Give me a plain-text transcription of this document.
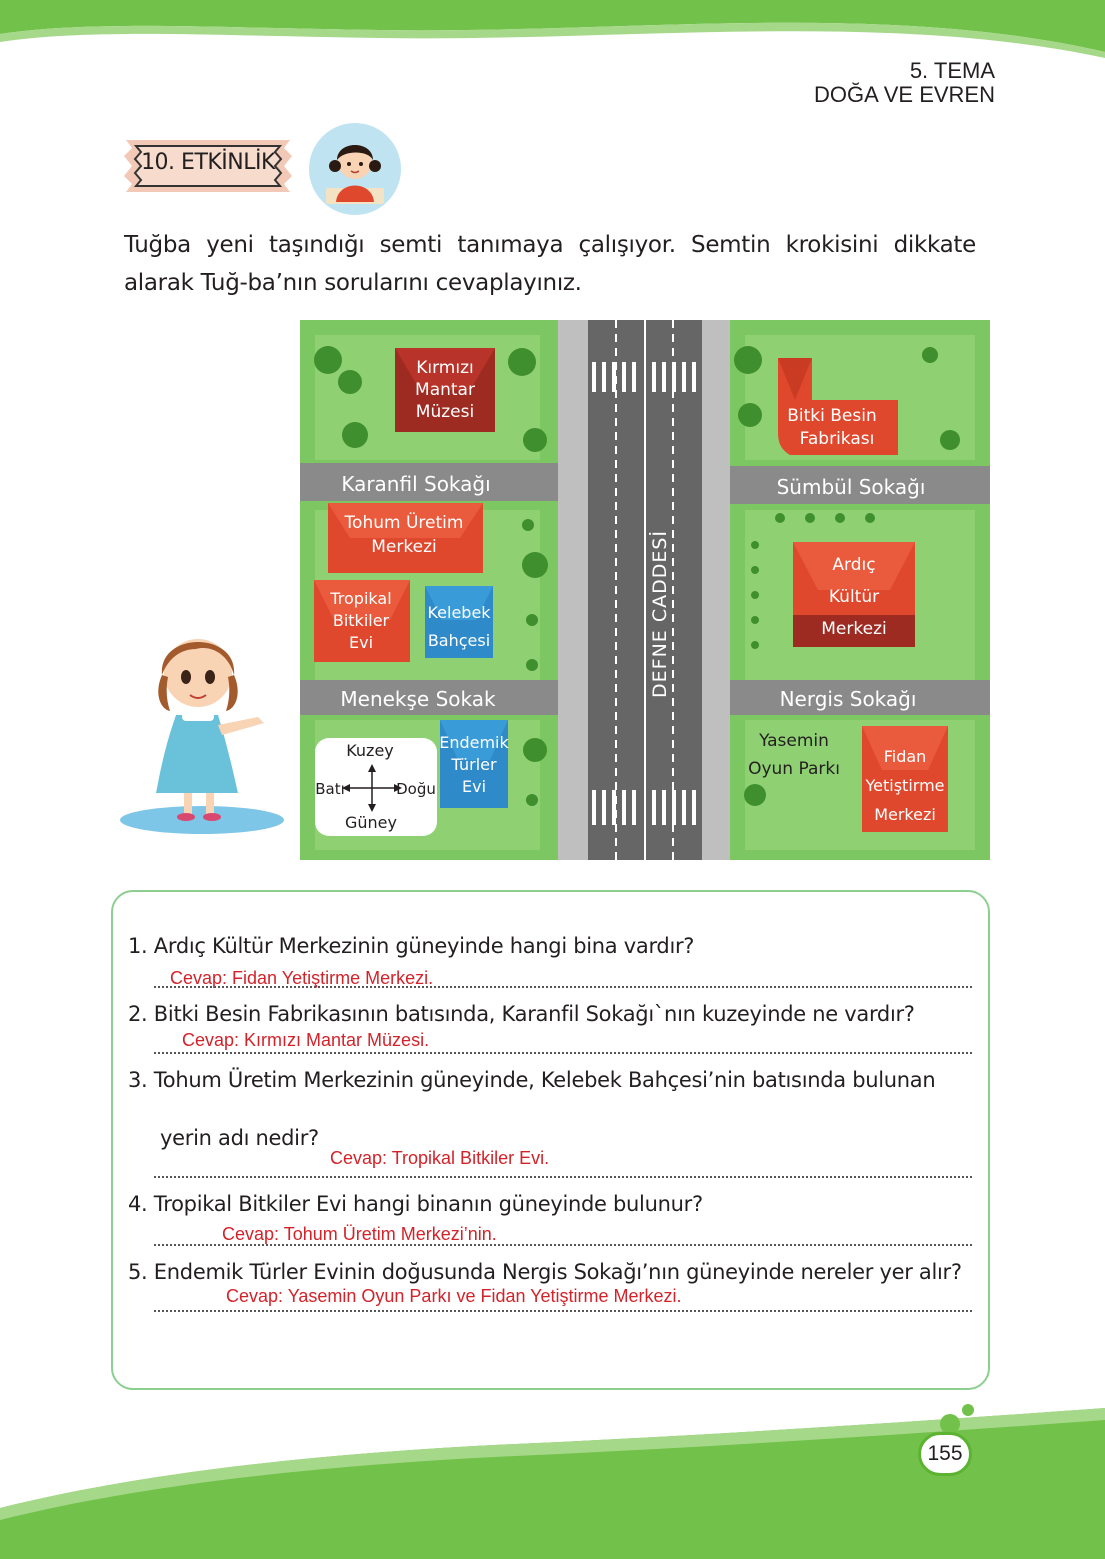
5. TEMA
DOĞA VE EVREN
10. ETKİNLİK
Tuğba yeni taşındığı semti tanımaya çalışıyor. Semtin krokisini dikkate alarak Tuğ-ba’nın sorularını cevaplayınız.
DEFNE CADDESİ
Karanfil Sokağı	Sümbül Sokağı
Menekşe Sokak	Nergis Sokağı
Kırmızı
Mantar
Müzesi	Bitki Besin
Fabrikası
Tohum Üretim
Merkezi
Tropikal
Bitkiler
Evi
Kelebek
Bahçesi
Ardıç
Kültür
Merkezi
Kuzey
Güney
Batı	Doğu
Endemik
Türler
Evi
Yasemin
Oyun Parkı
Fidan
Yetiştirme
Merkezi
1. Ardıç Kültür Merkezinin güneyinde hangi bina vardır?
Cevap: Fidan Yetiştirme Merkezi.
2. Bitki Besin Fabrikasının batısında, Karanfil Sokağı`nın kuzeyinde ne vardır?
Cevap: Kırmızı Mantar Müzesi.
3. Tohum Üretim Merkezinin güneyinde, Kelebek Bahçesi’nin batısında bulunan
yerin adı nedir?
Cevap: Tropikal Bitkiler Evi.
4. Tropikal Bitkiler Evi hangi binanın güneyinde bulunur?
Cevap: Tohum Üretim Merkezi’nin.
5. Endemik Türler Evinin doğusunda Nergis Sokağı’nın güneyinde nereler yer alır?
Cevap: Yasemin Oyun Parkı ve Fidan Yetiştirme Merkezi.
155
